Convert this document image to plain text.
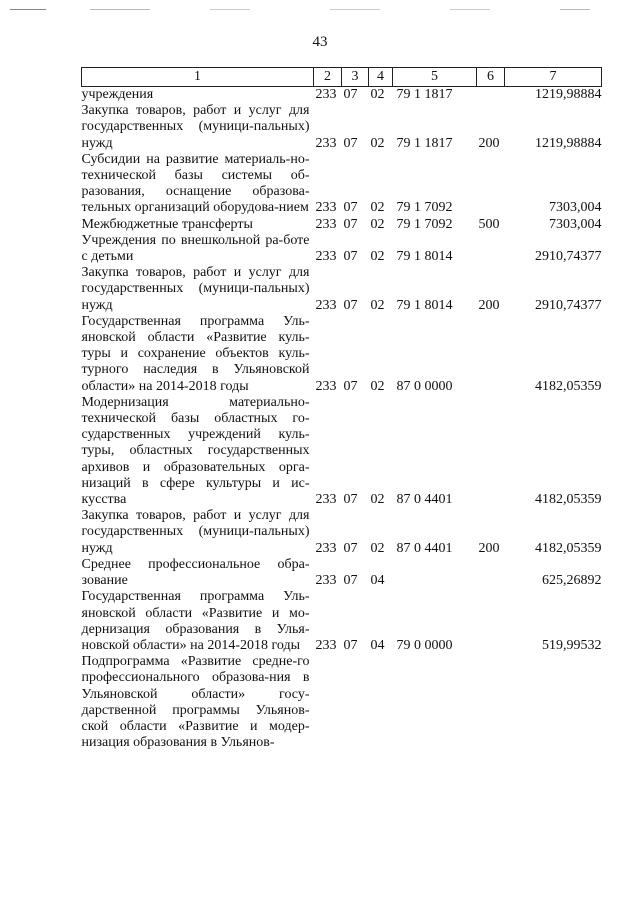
43
1	2	3	4	5	6	7
учреждения	233	07	02	79 1 1817		1219,98884
Закупка товаров, работ и услуг для государственных (муници-пальных) нужд	233	07	02	79 1 1817	200	1219,98884
Субсидии на развитие материаль-но-технической базы системы об-разования, оснащение образова-тельных организаций оборудова-нием	233	07	02	79 1 7092		7303,004
Межбюджетные трансферты	233	07	02	79 1 7092	500	7303,004
Учреждения по внешкольной ра-боте с детьми	233	07	02	79 1 8014		2910,74377
Закупка товаров, работ и услуг для государственных (муници-пальных) нужд	233	07	02	79 1 8014	200	2910,74377
Государственная программа Уль-яновской области «Развитие куль-туры и сохранение объектов куль-турного наследия в Ульяновской области» на 2014-2018 годы	233	07	02	87 0 0000		4182,05359
Модернизация материально-технической базы областных го-сударственных учреждений куль-туры, областных государственных архивов и образовательных орга-низаций в сфере культуры и ис-кусства	233	07	02	87 0 4401		4182,05359
Закупка товаров, работ и услуг для государственных (муници-пальных) нужд	233	07	02	87 0 4401	200	4182,05359
Среднее профессиональное обра-зование	233	07	04			625,26892
Государственная программа Уль-яновской области «Развитие и мо-дернизация образования в Улья-новской области» на 2014-2018 годы	233	07	04	79 0 0000		519,99532
Подпрограмма «Развитие средне-го профессионального образова-ния в Ульяновской области» госу-дарственной программы Ульянов-ской области «Развитие и модер-низация образования в Ульянов-						
